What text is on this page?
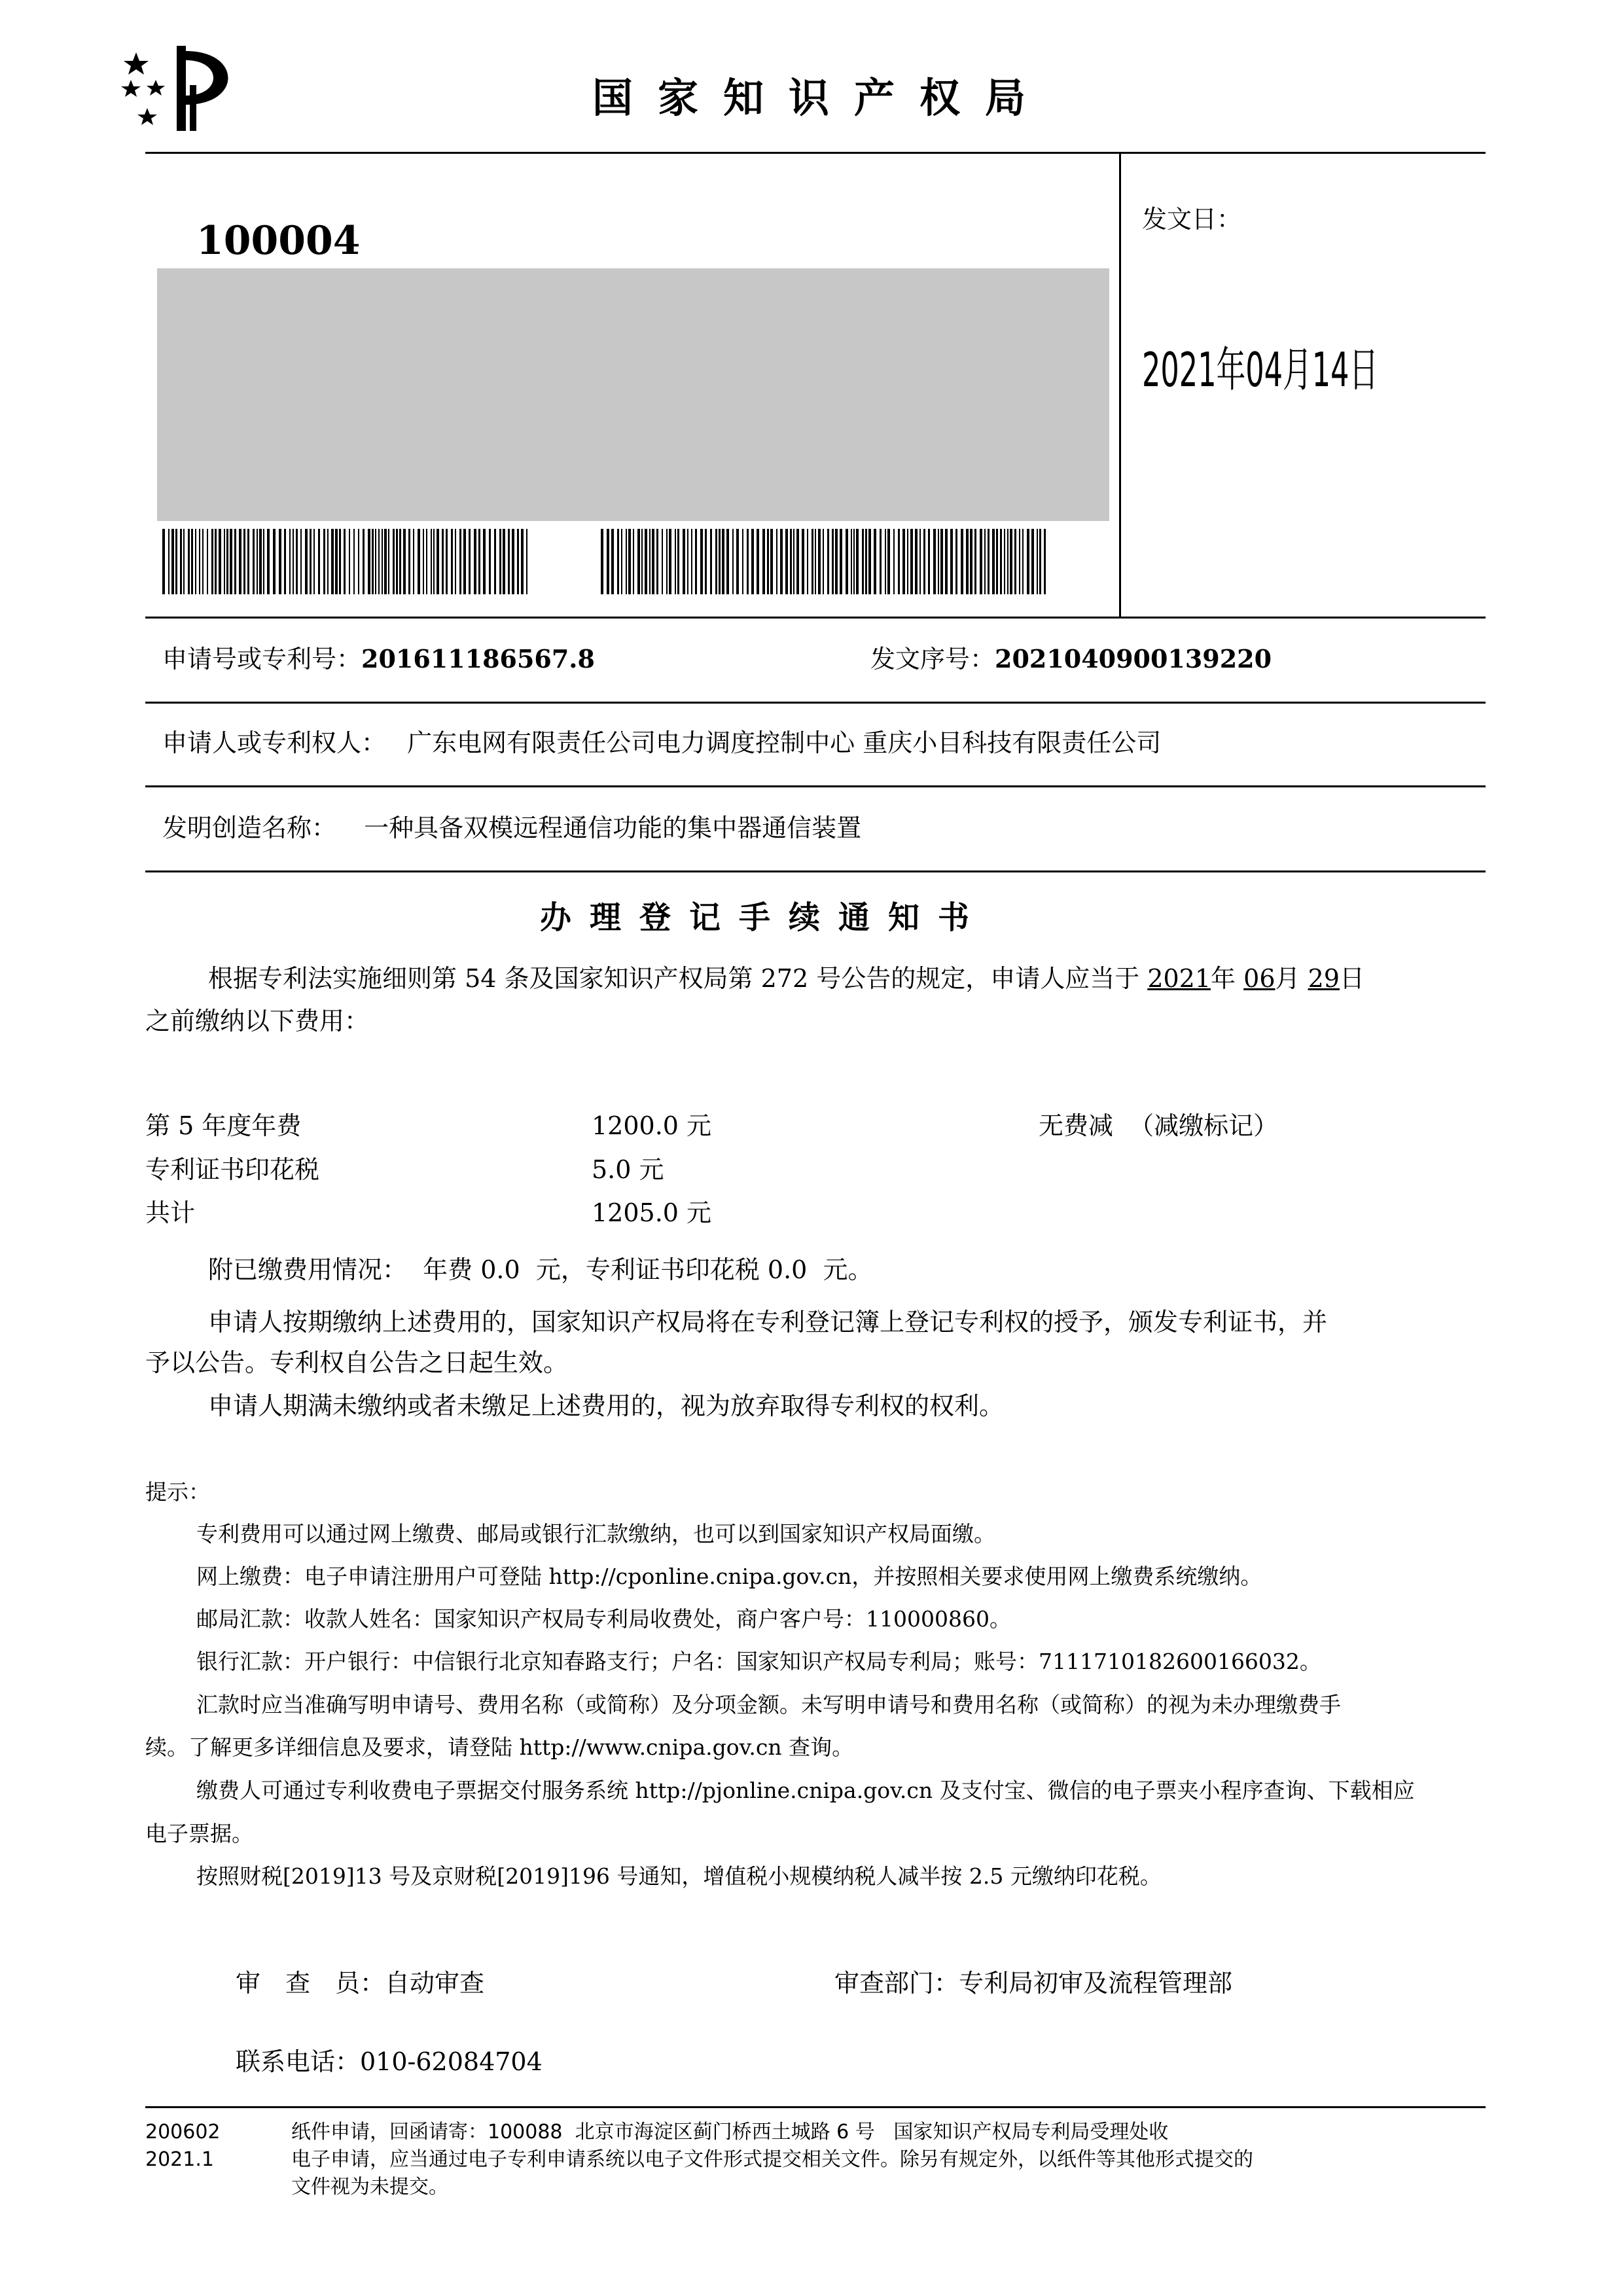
国家知识产权局
100004	发文日：
2021年04月14日
申请号或专利号：201611186567.8	发文序号：2021040900139220
申请人或专利权人： 广东电网有限责任公司电力调度控制中心 重庆小目科技有限责任公司
发明创造名称： 一种具备双模远程通信功能的集中器通信装置
办理登记手续通知书
根据专利法实施细则第 54 条及国家知识产权局第 272 号公告的规定，申请人应当于 2021年 06月 29日
之前缴纳以下费用：
第 5 年度年费	1200.0 元	无费减  （减缴标记）
专利证书印花税	5.0 元
共计	1205.0 元
附已缴费用情况：  年费 0.0  元，专利证书印花税 0.0  元。
申请人按期缴纳上述费用的，国家知识产权局将在专利登记簿上登记专利权的授予，颁发专利证书，并
予以公告。专利权自公告之日起生效。
申请人期满未缴纳或者未缴足上述费用的，视为放弃取得专利权的权利。
提示：
专利费用可以通过网上缴费、邮局或银行汇款缴纳，也可以到国家知识产权局面缴。
网上缴费：电子申请注册用户可登陆 http://cponline.cnipa.gov.cn，并按照相关要求使用网上缴费系统缴纳。
邮局汇款：收款人姓名：国家知识产权局专利局收费处，商户客户号：110000860。
银行汇款：开户银行：中信银行北京知春路支行；户名：国家知识产权局专利局；账号：7111710182600166032。
汇款时应当准确写明申请号、费用名称（或简称）及分项金额。未写明申请号和费用名称（或简称）的视为未办理缴费手
续。了解更多详细信息及要求，请登陆 http://www.cnipa.gov.cn 查询。
缴费人可通过专利收费电子票据交付服务系统 http://pjonline.cnipa.gov.cn 及支付宝、微信的电子票夹小程序查询、下载相应
电子票据。
按照财税[2019]13 号及京财税[2019]196 号通知，增值税小规模纳税人减半按 2.5 元缴纳印花税。
审　查　员：自动审查	审查部门：专利局初审及流程管理部
联系电话：010-62084704
200602
2021.1
纸件申请，回函请寄：100088  北京市海淀区蓟门桥西土城路 6 号   国家知识产权局专利局受理处收
电子申请，应当通过电子专利申请系统以电子文件形式提交相关文件。除另有规定外，以纸件等其他形式提交的
文件视为未提交。
